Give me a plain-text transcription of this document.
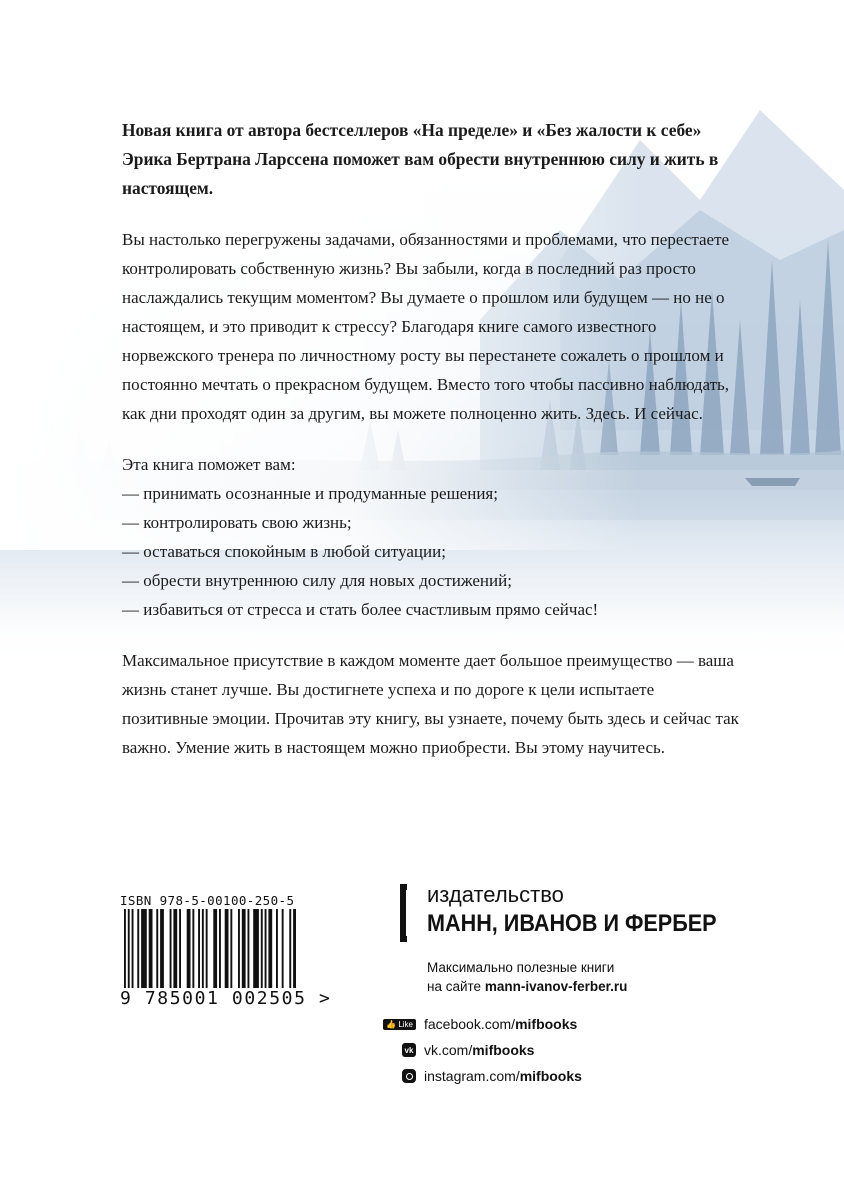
Новая книга от автора бестселлеров «На пределе» и «Без жалости к себе» Эрика Бертрана Ларссена поможет вам обрести внутреннюю силу и жить в настоящем.

Вы настолько перегружены задачами, обязанностями и проблемами, что перестаете контролировать собственную жизнь? Вы забыли, когда в последний раз просто наслаждались текущим моментом? Вы думаете о прошлом или будущем — но не о настоящем, и это приводит к стрессу? Благодаря книге самого известного норвежского тренера по личностному росту вы перестанете сожалеть о прошлом и постоянно мечтать о прекрасном будущем. Вместо того чтобы пассивно наблюдать, как дни проходят один за другим, вы можете полноценно жить. Здесь. И сейчас.

Эта книга поможет вам:

— принимать осознанные и продуманные решения;
— контролировать свою жизнь;
— оставаться спокойным в любой ситуации;
— обрести внутреннюю силу для новых достижений;
— избавиться от стресса и стать более счастливым прямо сейчас!

Максимальное присутствие в каждом моменте дает большое преимущество — ваша жизнь станет лучше. Вы достигнете успеха и по дороге к цели испытаете позитивные эмоции. Прочитав эту книгу, вы узнаете, почему быть здесь и сейчас так важно. Умение жить в настоящем можно приобрести. Вы этому научитесь.

ISBN 978-5-00100-250-5
9 785001 002505 >
издательство
МАНН, ИВАНОВ И ФЕРБЕР
Максимально полезные книги
на сайте mann-ivanov-ferber.ru
👍 Like facebook.com/ mifbooks
vk vk.com/ mifbooks
instagram.com/ mifbooks
